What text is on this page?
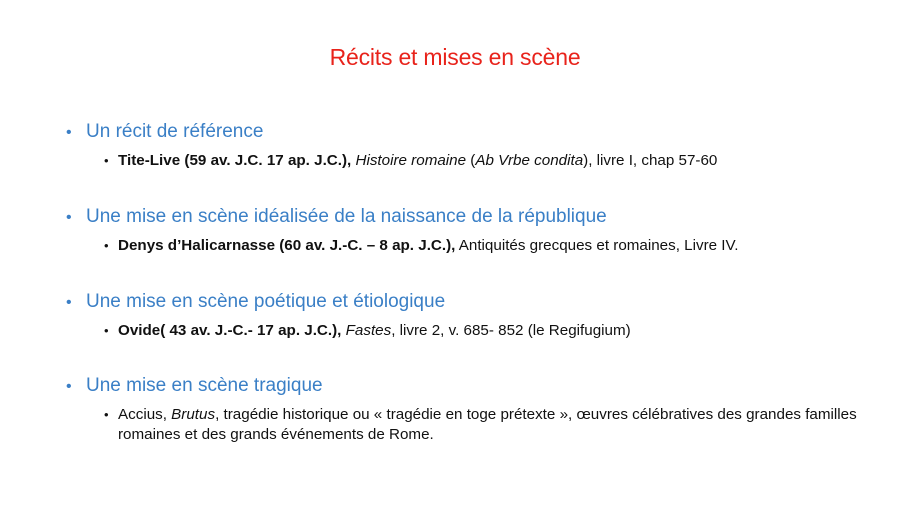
Récits et mises en scène
• Un récit de référence
• Tite-Live (59 av. J.C. 17 ap. J.C.), Histoire romaine (Ab Vrbe condita), livre I, chap 57-60
• Une mise en scène idéalisée de la naissance de la république
• Denys d’Halicarnasse (60 av. J.-C. – 8 ap. J.C.), Antiquités grecques et romaines, Livre IV.
• Une mise en scène poétique et étiologique
• Ovide( 43 av. J.-C.- 17 ap. J.C.), Fastes, livre 2, v. 685- 852 (le Regifugium)
• Une mise en scène tragique
• Accius, Brutus, tragédie historique ou « tragédie en toge prétexte », œuvres célébratives des grandes familles romaines et des grands événements de Rome.
